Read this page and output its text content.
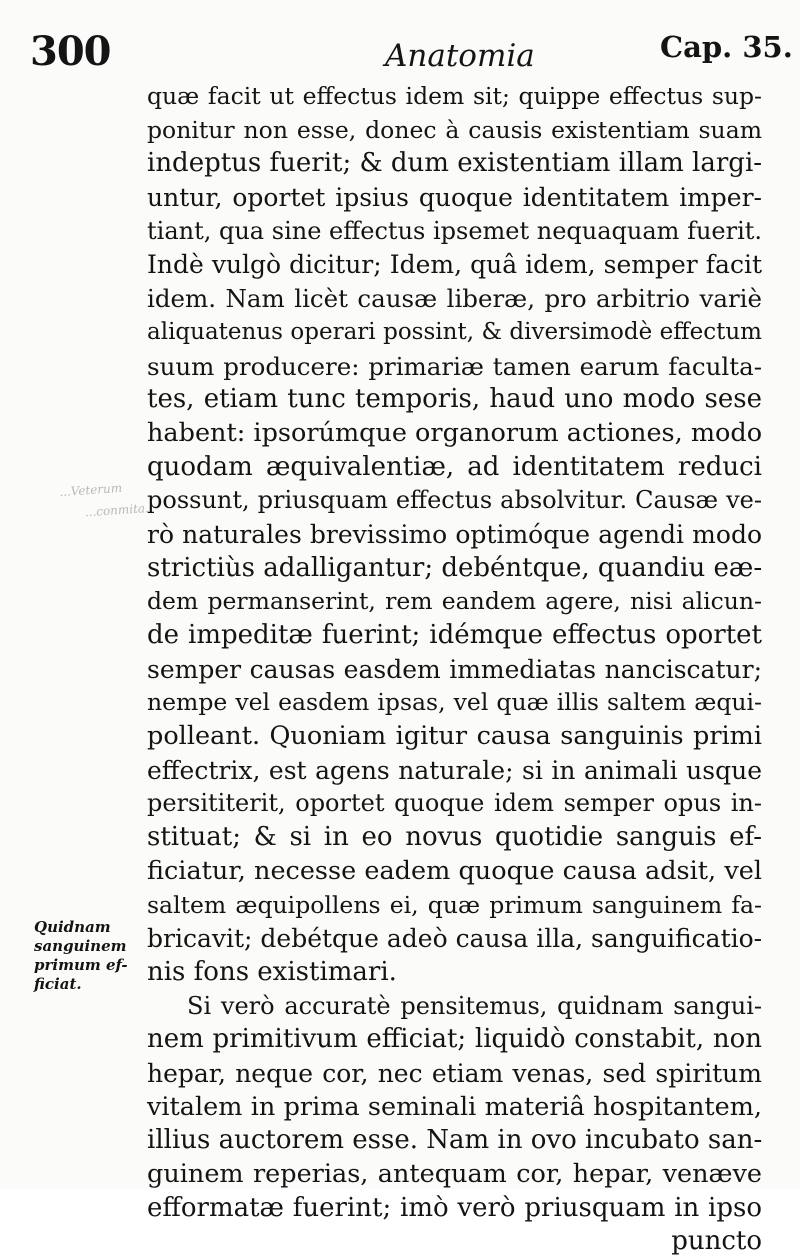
300	Anatomia	Cap. 35.
...Veterum
...conmita.
quæ facit ut effectus idem sit; quippe effectus sup-
ponitur non esse, donec à causis existentiam suam
indeptus fuerit; & dum existentiam illam largi-
untur, oportet ipsius quoque identitatem imper-
tiant, qua sine effectus ipsemet nequaquam fuerit.
Indè vulgò dicitur; Idem, quâ idem, semper facit
idem. Nam licèt causæ liberæ, pro arbitrio variè
aliquatenus operari possint, & diversimodè effectum
suum producere: primariæ tamen earum faculta-
tes, etiam tunc temporis, haud uno modo sese
habent: ipsorúmque organorum actiones, modo
quodam æquivalentiæ, ad identitatem reduci
possunt, priusquam effectus absolvitur. Causæ ve-
rò naturales brevissimo optimóque agendi modo
strictiùs adalligantur; debéntque, quandiu eæ-
dem permanserint, rem eandem agere, nisi alicun-
de impeditæ fuerint; idémque effectus oportet
semper causas easdem immediatas nanciscatur;
nempe vel easdem ipsas, vel quæ illis saltem æqui-
polleant. Quoniam igitur causa sanguinis primi
effectrix, est agens naturale; si in animali usque
persititerit, oportet quoque idem semper opus in-
stituat; & si in eo novus quotidie sanguis ef-
ficiatur, necesse eadem quoque causa adsit, vel
saltem æquipollens ei, quæ primum sanguinem fa-
bricavit; debétque adeò causa illa, sanguificatio-
nis fons existimari.
Si verò accuratè pensitemus, quidnam sangui-
nem primitivum efficiat; liquidò constabit, non
hepar, neque cor, nec etiam venas, sed spiritum
vitalem in prima seminali materiâ hospitantem,
illius auctorem esse. Nam in ovo incubato san-
guinem reperias, antequam cor, hepar, venæve
efformatæ fuerint; imò verò priusquam in ipso
puncto
Quidnam
sanguinem
primum ef-
ficiat.
